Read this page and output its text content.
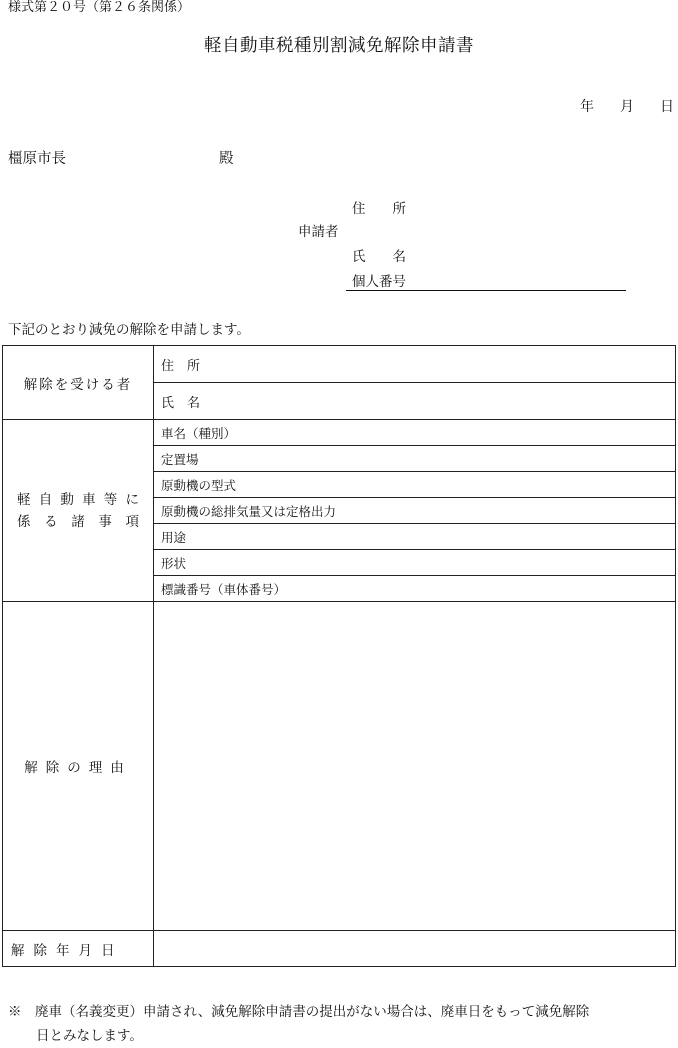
様式第２０号（第２６条関係）
軽自動車税種別割減免解除申請書
年 月 日
橿原市長	殿
申請者
住　　所
氏　　名
個人番号
下記のとおり減免の解除を申請します。
解除を受ける者	住　所
	氏　名

軽自動車等に
係る諸事項	車名（種別）
	定置場
	原動機の型式
	原動機の総排気量又は定格出力
	用途
	形状
	標識番号（車体番号）
解除の理由	
解除年月日	
※　廃車（名義変更）申請され、減免解除申請書の提出がない場合は、廃車日をもって減免解除
日とみなします。
